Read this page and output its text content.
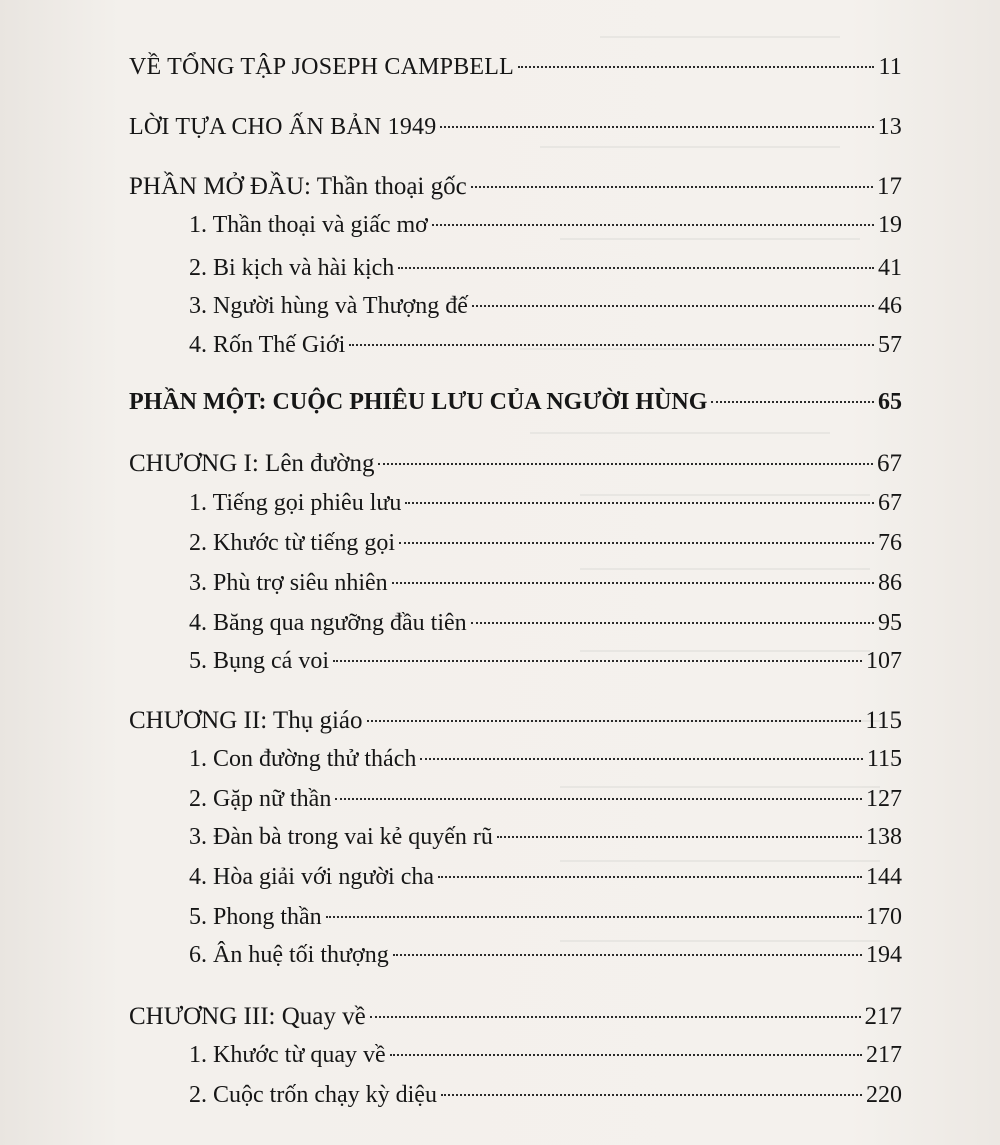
VỀ TỔNG TẬP JOSEPH CAMPBELL	11
LỜI TỰA CHO ẤN BẢN 1949	13
PHẦN MỞ ĐẦU: Thần thoại gốc	17
1. Thần thoại và giấc mơ	19
2. Bi kịch và hài kịch	41
3. Người hùng và Thượng đế	46
4. Rốn Thế Giới	57
PHẦN MỘT: CUỘC PHIÊU LƯU CỦA NGƯỜI HÙNG	65
CHƯƠNG I: Lên đường	67
1. Tiếng gọi phiêu lưu	67
2. Khước từ tiếng gọi	76
3. Phù trợ siêu nhiên	86
4. Băng qua ngưỡng đầu tiên	95
5. Bụng cá voi	107
CHƯƠNG II: Thụ giáo	115
1. Con đường thử thách	115
2. Gặp nữ thần	127
3. Đàn bà trong vai kẻ quyến rũ	138
4. Hòa giải với người cha	144
5. Phong thần	170
6. Ân huệ tối thượng	194
CHƯƠNG III: Quay về	217
1. Khước từ quay về	217
2. Cuộc trốn chạy kỳ diệu	220
